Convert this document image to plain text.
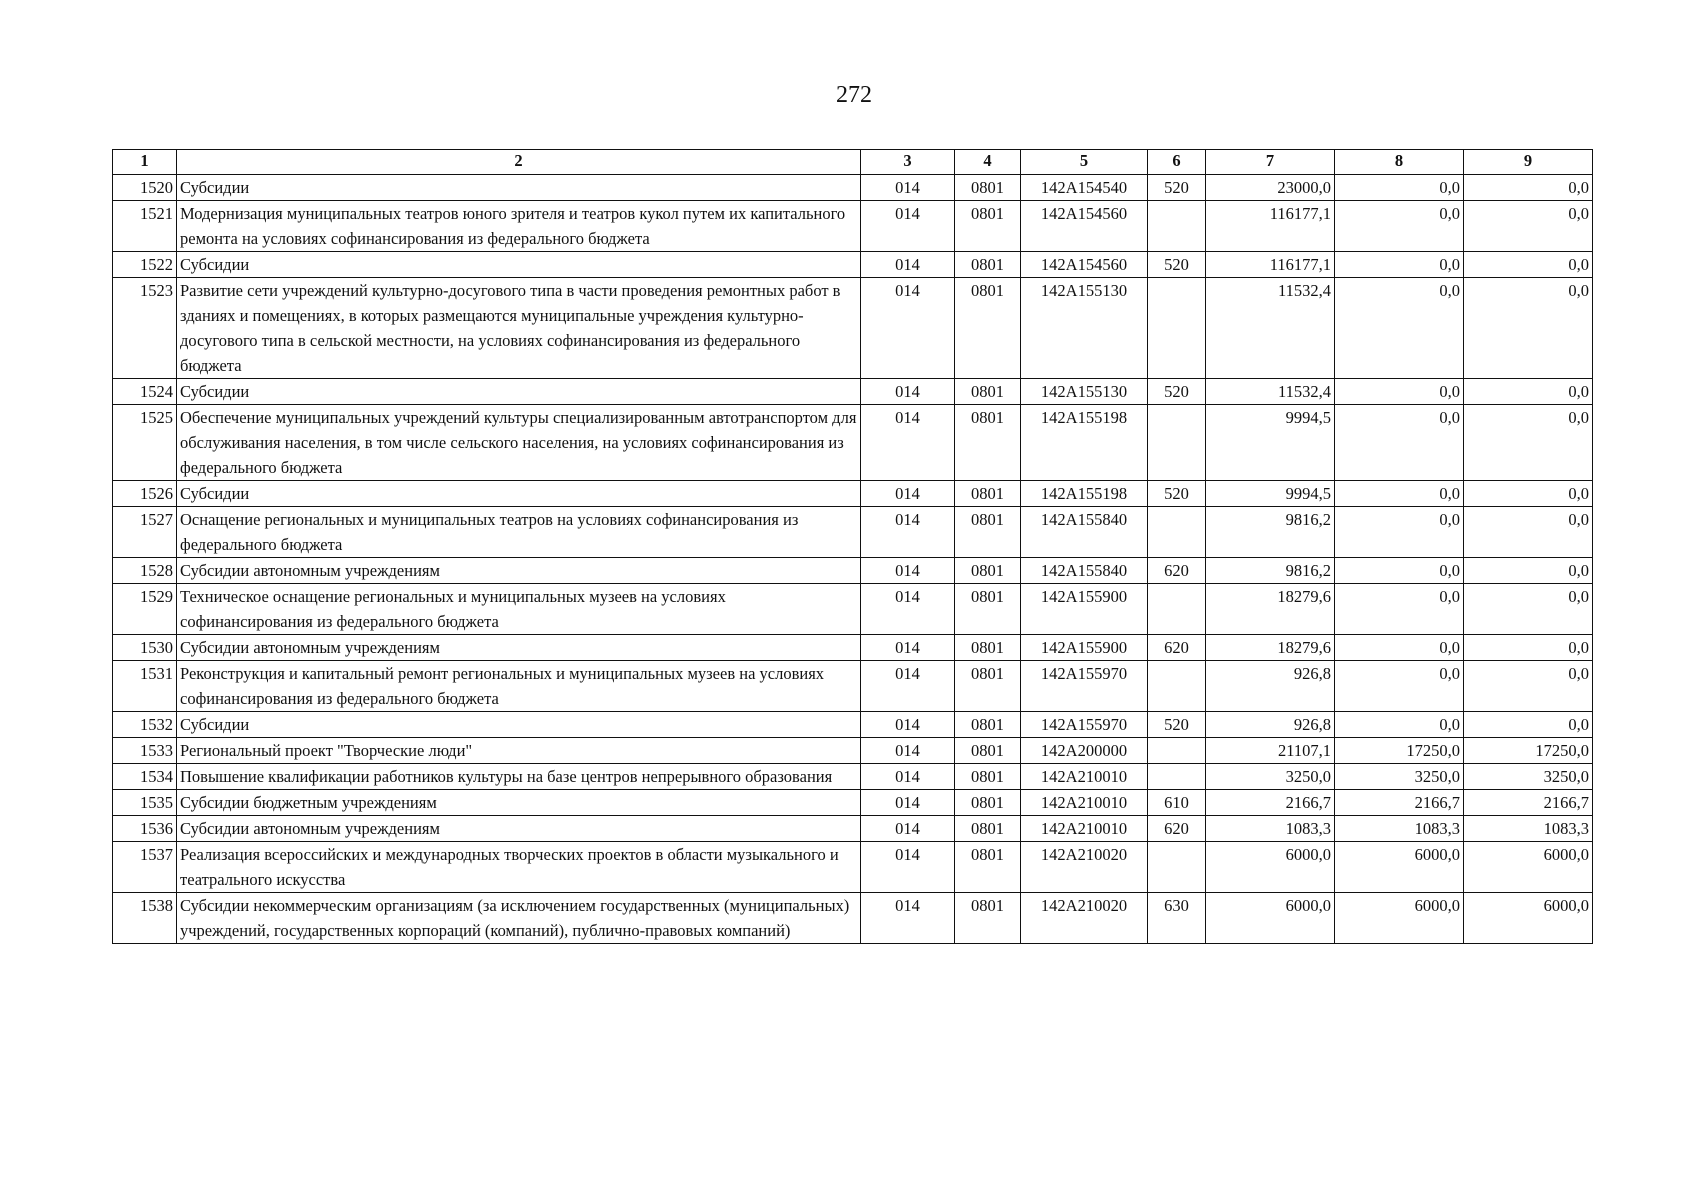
272
1	2	3	4	5	6	7	8	9
1520	Субсидии	014	0801	142А154540	520	23000,0	0,0	0,0
1521	Модернизация муниципальных театров юного зрителя и театров кукол путем их капитального ремонта на условиях софинансирования из федерального бюджета	014	0801	142А154560		116177,1	0,0	0,0
1522	Субсидии	014	0801	142А154560	520	116177,1	0,0	0,0
1523	Развитие сети учреждений культурно-досугового типа в части проведения ремонтных работ в зданиях и помещениях, в которых размещаются муниципальные учреждения культурно-досугового типа в сельской местности, на условиях софинансирования из федерального бюджета	014	0801	142А155130		11532,4	0,0	0,0
1524	Субсидии	014	0801	142А155130	520	11532,4	0,0	0,0
1525	Обеспечение муниципальных учреждений культуры специализированным автотранспортом для обслуживания населения, в том числе сельского населения, на условиях софинансирования из федерального бюджета	014	0801	142А155198		9994,5	0,0	0,0
1526	Субсидии	014	0801	142А155198	520	9994,5	0,0	0,0
1527	Оснащение региональных и муниципальных театров на условиях софинансирования из федерального бюджета	014	0801	142А155840		9816,2	0,0	0,0
1528	Субсидии автономным учреждениям	014	0801	142А155840	620	9816,2	0,0	0,0
1529	Техническое оснащение региональных и муниципальных музеев на условиях софинансирования из федерального бюджета	014	0801	142А155900		18279,6	0,0	0,0
1530	Субсидии автономным учреждениям	014	0801	142А155900	620	18279,6	0,0	0,0
1531	Реконструкция и капитальный ремонт региональных и муниципальных музеев на условиях софинансирования из федерального бюджета	014	0801	142А155970		926,8	0,0	0,0
1532	Субсидии	014	0801	142А155970	520	926,8	0,0	0,0
1533	Региональный проект "Творческие люди"	014	0801	142А200000		21107,1	17250,0	17250,0
1534	Повышение квалификации работников культуры на базе центров непрерывного образования	014	0801	142А210010		3250,0	3250,0	3250,0
1535	Субсидии бюджетным учреждениям	014	0801	142А210010	610	2166,7	2166,7	2166,7
1536	Субсидии автономным учреждениям	014	0801	142А210010	620	1083,3	1083,3	1083,3
1537	Реализация всероссийских и международных творческих проектов в области музыкального и театрального искусства	014	0801	142А210020		6000,0	6000,0	6000,0
1538	Субсидии некоммерческим организациям (за исключением государственных (муниципальных) учреждений, государственных корпораций (компаний), публично-правовых компаний)	014	0801	142А210020	630	6000,0	6000,0	6000,0
